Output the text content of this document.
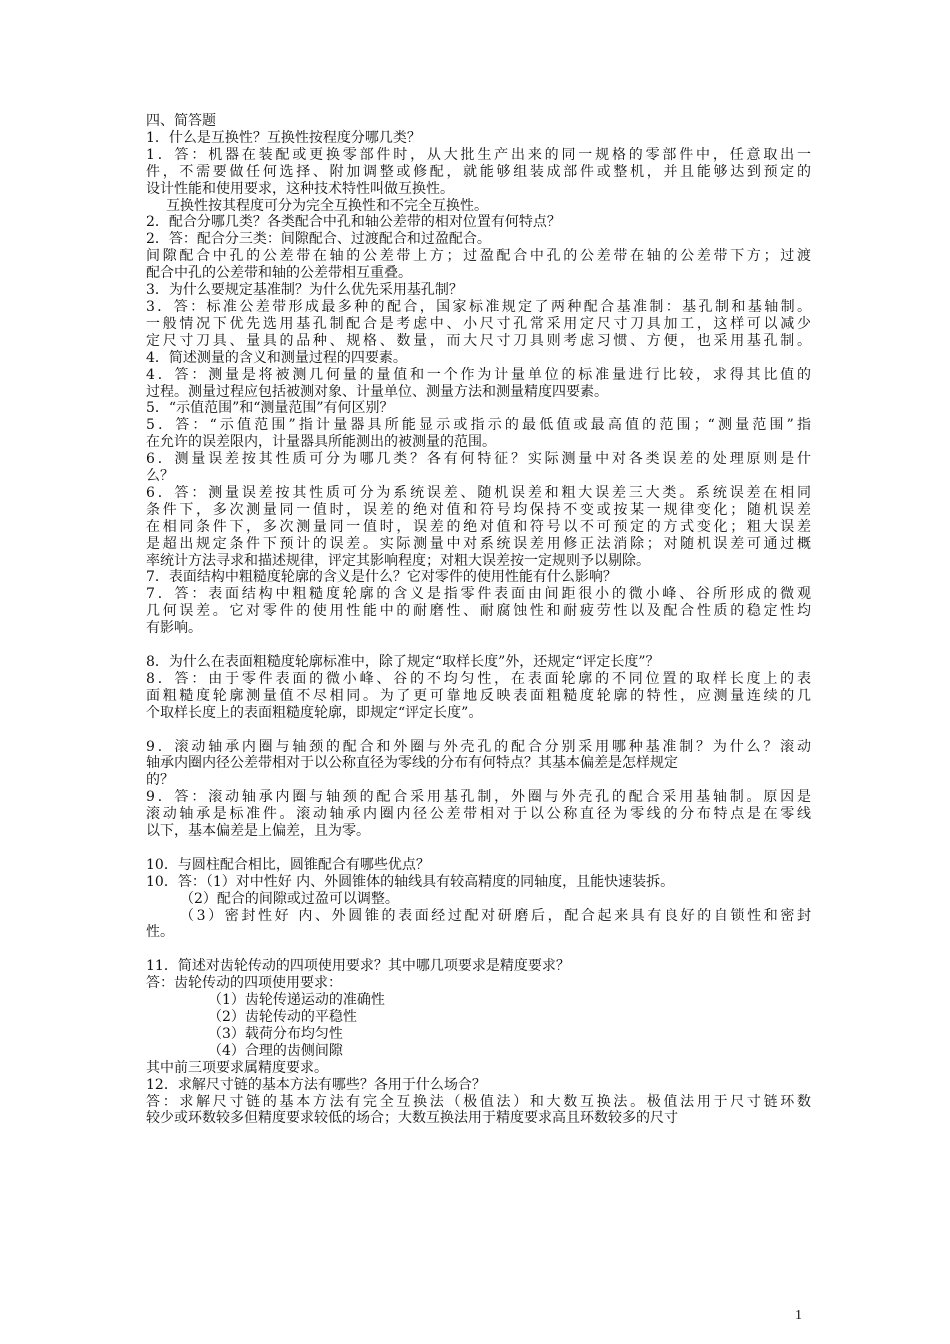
四、简答题
1．什么是互换性？互换性按程度分哪几类？
1．答：机器在装配或更换零部件时，从大批生产出来的同一规格的零部件中，任意取出一
件，不需要做任何选择、附加调整或修配，就能够组装成部件或整机，并且能够达到预定的
设计性能和使用要求，这种技术特性叫做互换性。
互换性按其程度可分为完全互换性和不完全互换性。
2．配合分哪几类？各类配合中孔和轴公差带的相对位置有何特点？
2．答：配合分三类：间隙配合、过渡配合和过盈配合。
间隙配合中孔的公差带在轴的公差带上方；过盈配合中孔的公差带在轴的公差带下方；过渡
配合中孔的公差带和轴的公差带相互重叠。
3．为什么要规定基准制？为什么优先采用基孔制？
3．答：标准公差带形成最多种的配合，国家标准规定了两种配合基准制：基孔制和基轴制。
一般情况下优先选用基孔制配合是考虑中、小尺寸孔常采用定尺寸刀具加工，这样可以减少
定尺寸刀具、量具的品种、规格、数量，而大尺寸刀具则考虑习惯、方便，也采用基孔制。
4．简述测量的含义和测量过程的四要素。
4．答：测量是将被测几何量的量值和一个作为计量单位的标准量进行比较，求得其比值的
过程。测量过程应包括被测对象、计量单位、测量方法和测量精度四要素。
5．“示值范围”和“测量范围”有何区别？
5．答：“示值范围”指计量器具所能显示或指示的最低值或最高值的范围；“测量范围”指
在允许的误差限内，计量器具所能测出的被测量的范围。
6．测量误差按其性质可分为哪几类？各有何特征？实际测量中对各类误差的处理原则是什
么？
6．答：测量误差按其性质可分为系统误差、随机误差和粗大误差三大类。系统误差在相同
条件下，多次测量同一值时，误差的绝对值和符号均保持不变或按某一规律变化；随机误差
在相同条件下，多次测量同一值时，误差的绝对值和符号以不可预定的方式变化；粗大误差
是超出规定条件下预计的误差。实际测量中对系统误差用修正法消除；对随机误差可通过概
率统计方法寻求和描述规律，评定其影响程度；对粗大误差按一定规则予以剔除。
7．表面结构中粗糙度轮廓的含义是什么？它对零件的使用性能有什么影响？
7．答：表面结构中粗糙度轮廓的含义是指零件表面由间距很小的微小峰、谷所形成的微观
几何误差。它对零件的使用性能中的耐磨性、耐腐蚀性和耐疲劳性以及配合性质的稳定性均
有影响。
8．为什么在表面粗糙度轮廓标准中，除了规定“取样长度”外，还规定“评定长度”？
8．答：由于零件表面的微小峰、谷的不均匀性，在表面轮廓的不同位置的取样长度上的表
面粗糙度轮廓测量值不尽相同。为了更可靠地反映表面粗糙度轮廓的特性，应测量连续的几
个取样长度上的表面粗糙度轮廓，即规定“评定长度”。
9．滚动轴承内圈与轴颈的配合和外圈与外壳孔的配合分别采用哪种基准制？为什么？滚动
轴承内圈内径公差带相对于以公称直径为零线的分布有何特点？其基本偏差是怎样规定
的？
9．答：滚动轴承内圈与轴颈的配合采用基孔制，外圈与外壳孔的配合采用基轴制。原因是
滚动轴承是标准件。滚动轴承内圈内径公差带相对于以公称直径为零线的分布特点是在零线
以下，基本偏差是上偏差，且为零。
10．与圆柱配合相比，圆锥配合有哪些优点？
10．答：（1）对中性好 内、外圆锥体的轴线具有较高精度的同轴度，且能快速装拆。
（2）配合的间隙或过盈可以调整。
（3）密封性好 内、外圆锥的表面经过配对研磨后，配合起来具有良好的自锁性和密封
性。
11．简述对齿轮传动的四项使用要求？其中哪几项要求是精度要求？
答：齿轮传动的四项使用要求：
（1）齿轮传递运动的准确性
（2）齿轮传动的平稳性
（3）载荷分布均匀性
（4）合理的齿侧间隙
其中前三项要求属精度要求。
12．求解尺寸链的基本方法有哪些？各用于什么场合？
答：求解尺寸链的基本方法有完全互换法（极值法）和大数互换法。极值法用于尺寸链环数
较少或环数较多但精度要求较低的场合；大数互换法用于精度要求高且环数较多的尺寸
1
